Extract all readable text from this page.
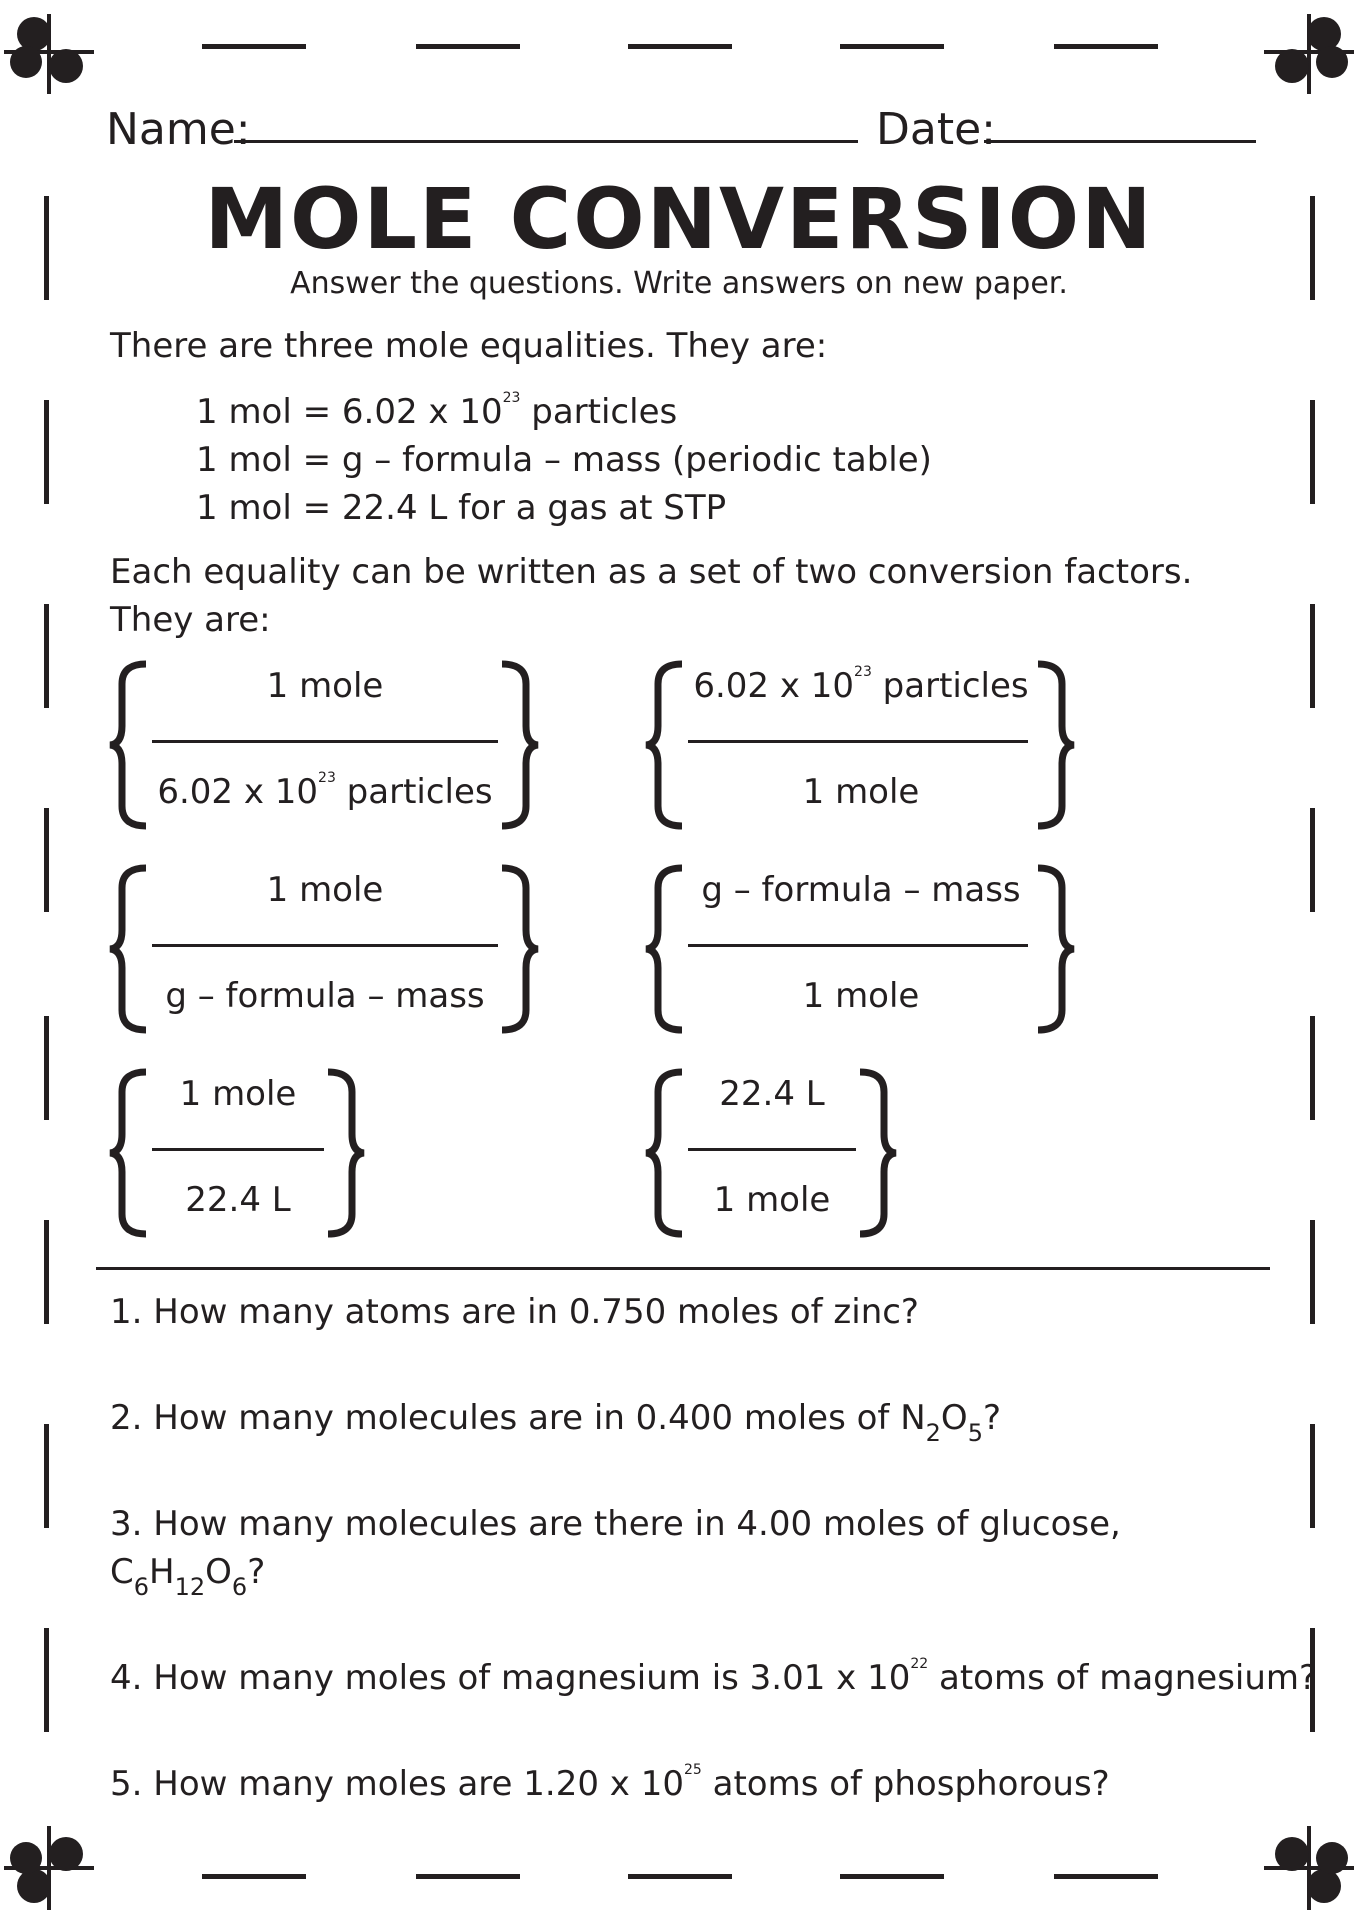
Name:	Date:
MOLE CONVERSION
Answer the questions. Write answers on new paper.
There are three mole equalities. They are:
1 mol = 6.02 x $10^{23}$ particles
1 mol = g – formula – mass (periodic table)
1 mol = 22.4 L for a gas at STP
Each equality can be written as a set of two conversion factors.
They are:
1 mole
6.02 x $10^{23}$ particles
6.02 x $10^{23}$ particles
1 mole
1 mole
g – formula – mass
g – formula – mass
1 mole
1 mole
22.4 L
22.4 L
1 mole
1. How many atoms are in 0.750 moles of zinc?
2. How many molecules are in 0.400 moles of $N_2O_5$?
3. How many molecules are there in 4.00 moles of glucose,
$C_6H_{12}O_6$?
4. How many moles of magnesium is 3.01 x $10^{22}$ atoms of magnesium?
5. How many moles are 1.20 x $10^{25}$ atoms of phosphorous?
